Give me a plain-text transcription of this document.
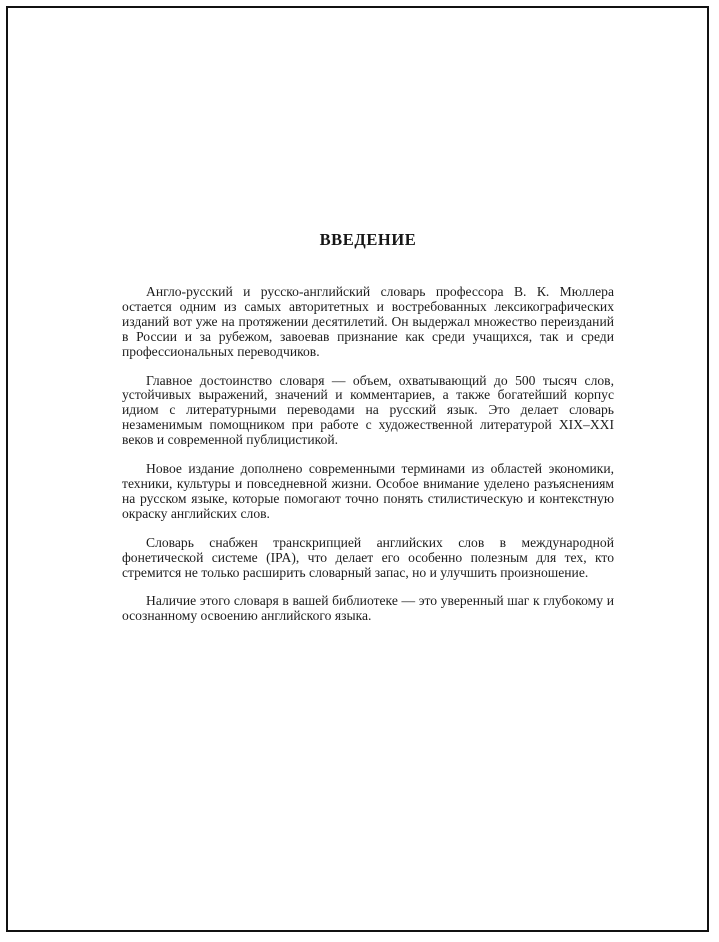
ВВЕДЕНИЕ

Англо-русский и русско-английский словарь профессора В. К. Мюллера остается одним из самых авторитетных и востребованных лексикографических изданий вот уже на протяжении десятилетий. Он выдержал множество переизданий в России и за рубежом, завоевав признание как среди учащихся, так и среди профессиональных переводчиков.

Главное достоинство словаря — объем, охватывающий до 500 тысяч слов, устойчивых выражений, значений и комментариев, а также богатейший корпус идиом с литературными переводами на русский язык. Это делает словарь незаменимым помощником при работе с художественной литературой XIX–XXI веков и современной публицистикой.

Новое издание дополнено современными терминами из областей экономики, техники, культуры и повседневной жизни. Особое внимание уделено разъяснениям на русском языке, которые помогают точно понять стилистическую и контекстную окраску английских слов.

Словарь снабжен транскрипцией английских слов в международной фонетической системе (IPA), что делает его особенно полезным для тех, кто стремится не только расширить словарный запас, но и улучшить произношение.

Наличие этого словаря в вашей библиотеке — это уверенный шаг к глубокому и осознанному освоению английского языка.
